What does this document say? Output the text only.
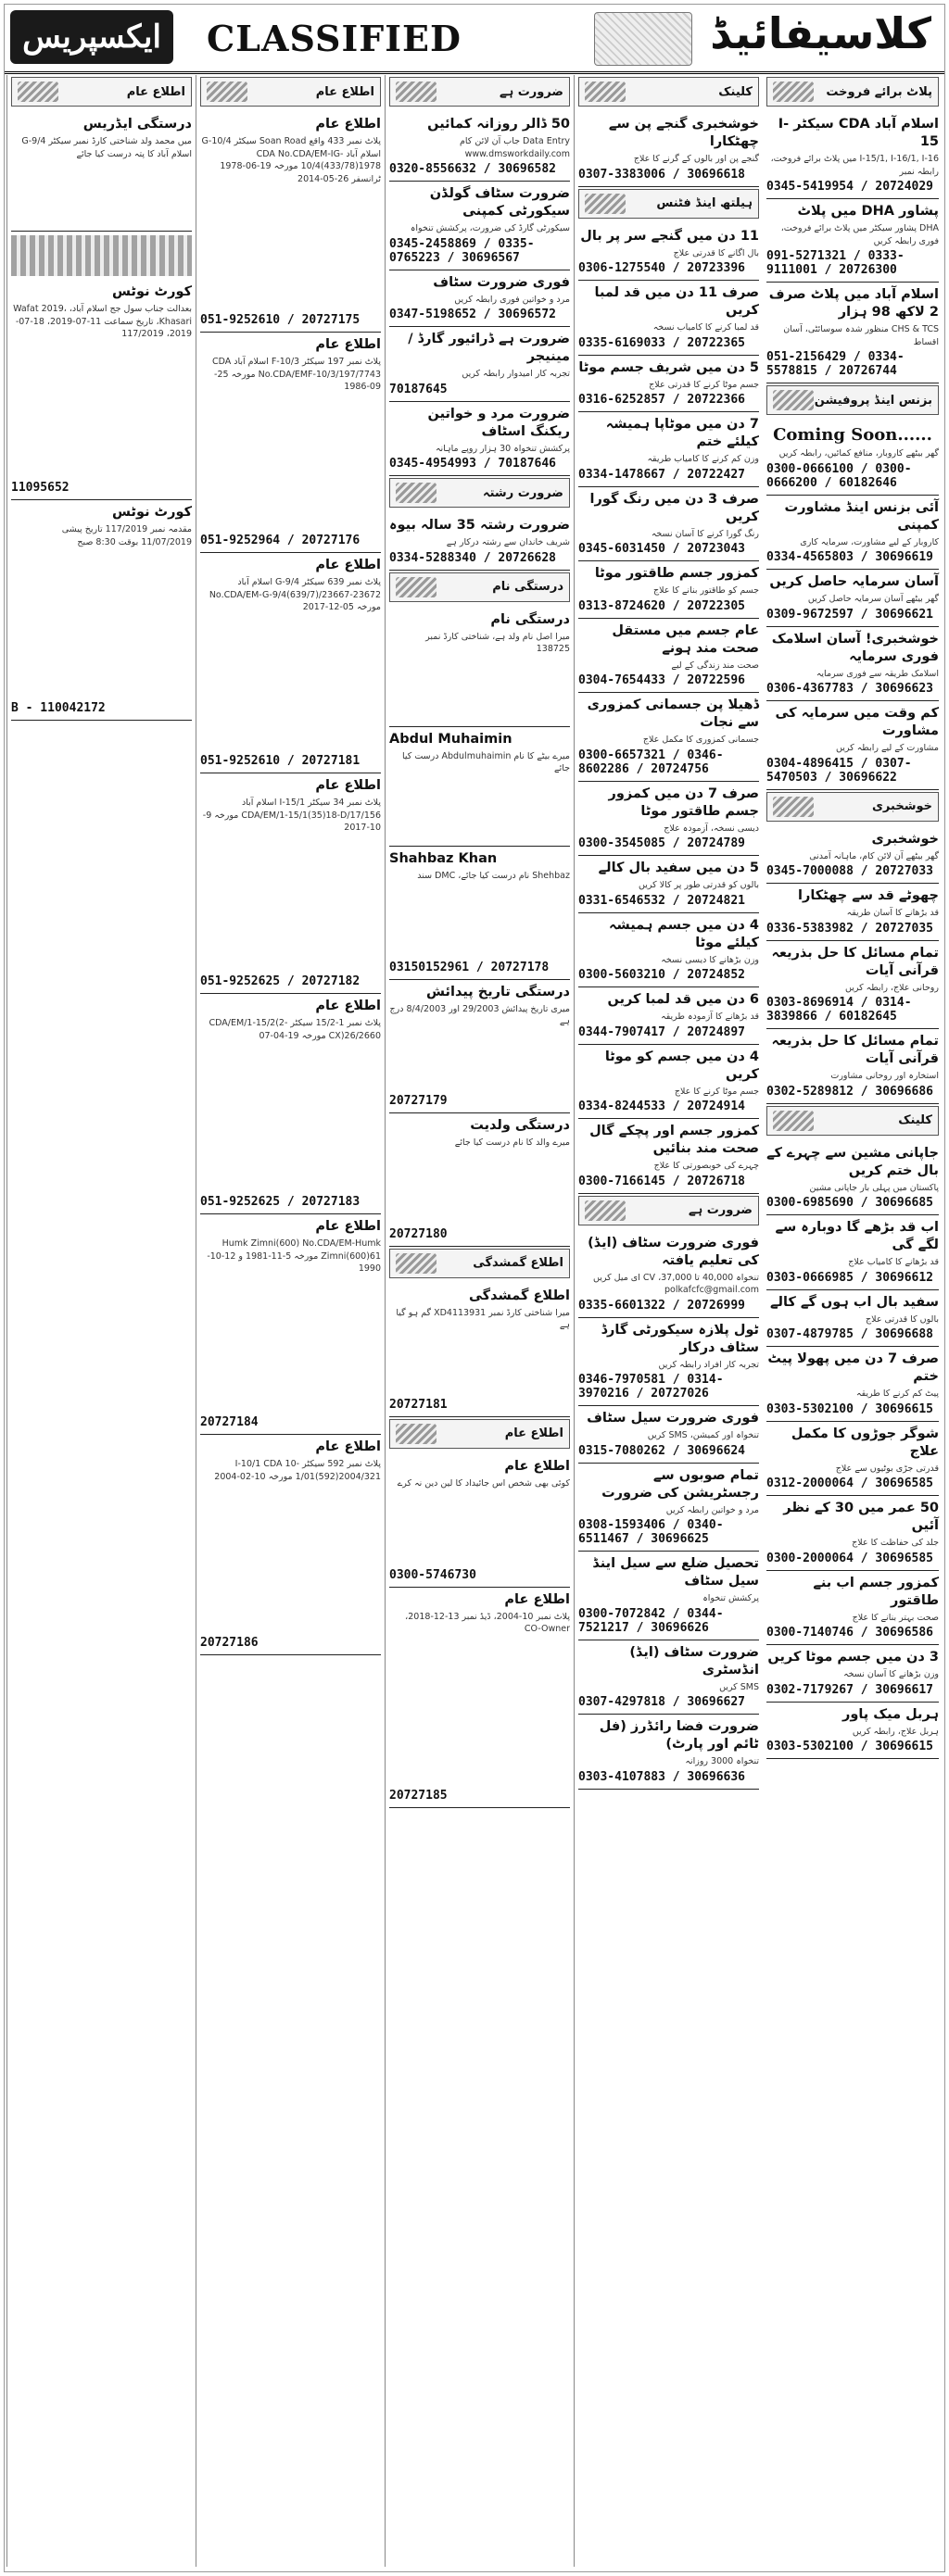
ایکسپریس	CLASSIFIED	کلاسیفائیڈ
پلاٹ برائے فروخت
اسلام آباد CDA سیکٹر I-15
I-15/1, I-16/1, I-16 میں پلاٹ برائے فروخت، رابطہ نمبر
0345-5419954 / 20724029
پشاور DHA میں پلاٹ
DHA پشاور سیکٹر میں پلاٹ برائے فروخت، فوری رابطہ کریں
091-5271321 / 0333-9111001 / 20726300
اسلام آباد میں پلاٹ صرف 2 لاکھ 98 ہزار
CHS & TCS منظور شدہ سوسائٹی، آسان اقساط
051-2156429 / 0334-5578815 / 20726744
بزنس اینڈ پروفیشن
Coming Soon......
گھر بیٹھے کاروبار، منافع کمائیں، رابطہ کریں
0300-0666100 / 0300-0666200 / 60182646
آئی بزنس اینڈ مشاورت کمپنی
کاروبار کے لیے مشاورت، سرمایہ کاری
0334-4565803 / 30696619
آسان سرمایہ حاصل کریں
گھر بیٹھے آسان سرمایہ حاصل کریں
0309-9672597 / 30696621
خوشخبری! آسان اسلامک فوری سرمایہ
اسلامک طریقہ سے فوری سرمایہ
0306-4367783 / 30696623
کم وقت میں سرمایہ کی مشاورت
مشاورت کے لیے رابطہ کریں
0304-4896415 / 0307-5470503 / 30696622
خوشخبری
خوشخبری
گھر بیٹھے آن لائن کام، ماہانہ آمدنی
0345-7000088 / 20727033
چھوٹے قد سے چھٹکارا
قد بڑھانے کا آسان طریقہ
0336-5383982 / 20727035
تمام مسائل کا حل بذریعہ قرآنی آیات
روحانی علاج، رابطہ کریں
0303-8696914 / 0314-3839866 / 60182645
تمام مسائل کا حل بذریعہ قرآنی آیات
استخارہ اور روحانی مشاورت
0302-5289812 / 30696686
کلینک
جاپانی مشین سے چہرے کے بال ختم کریں
پاکستان میں پہلی بار جاپانی مشین
0300-6985690 / 30696685
اب قد بڑھے گا دوبارہ سے لگے گی
قد بڑھانے کا کامیاب علاج
0303-0666985 / 30696612
سفید بال اب ہوں گے کالے
بالوں کا قدرتی علاج
0307-4879785 / 30696688
صرف 7 دن میں پھولا پیٹ ختم
پیٹ کم کرنے کا طریقہ
0303-5302100 / 30696615
شوگر جوڑوں کا مکمل علاج
قدرتی جڑی بوٹیوں سے علاج
0312-2000064 / 30696585
50 عمر میں 30 کے نظر آئیں
جلد کی حفاظت کا علاج
0300-2000064 / 30696585
کمزور جسم اب بنے طاقتور
صحت بہتر بنانے کا علاج
0300-7140746 / 30696586
3 دن میں جسم موٹا کریں
وزن بڑھانے کا آسان نسخہ
0302-7179267 / 30696617
ہربل میک پاور
ہربل علاج، رابطہ کریں
0303-5302100 / 30696615
کلینک
خوشخبری گنجے پن سے چھٹکارا
گنجے پن اور بالوں کے گرنے کا علاج
0307-3383006 / 30696618
ہیلتھ اینڈ فٹنس
11 دن میں گنجے سر پر بال
بال اگانے کا قدرتی علاج
0306-1275540 / 20723396
صرف 11 دن میں قد لمبا کریں
قد لمبا کرنے کا کامیاب نسخہ
0335-6169033 / 20722365
5 دن میں شریف جسم موٹا
جسم موٹا کرنے کا قدرتی علاج
0316-6252857 / 20722366
7 دن میں موٹاپا ہمیشہ کیلئے ختم
وزن کم کرنے کا کامیاب طریقہ
0334-1478667 / 20722427
صرف 3 دن میں رنگ گورا کریں
رنگ گورا کرنے کا آسان نسخہ
0345-6031450 / 20723043
کمزور جسم طاقتور موٹا
جسم کو طاقتور بنانے کا علاج
0313-8724620 / 20722305
عام جسم میں مستقل صحت مند ہونے
صحت مند زندگی کے لیے
0304-7654433 / 20722596
ڈھیلا پن جسمانی کمزوری سے نجات
جسمانی کمزوری کا مکمل علاج
0300-6657321 / 0346-8602286 / 20724756
صرف 7 دن میں کمزور جسم طاقتور موٹا
دیسی نسخہ، آزمودہ علاج
0300-3545085 / 20724789
5 دن میں سفید بال کالے
بالوں کو قدرتی طور پر کالا کریں
0331-6546532 / 20724821
4 دن میں جسم ہمیشہ کیلئے موٹا
وزن بڑھانے کا دیسی نسخہ
0300-5603210 / 20724852
6 دن میں قد لمبا کریں
قد بڑھانے کا آزمودہ طریقہ
0344-7907417 / 20724897
4 دن میں جسم کو موٹا کریں
جسم موٹا کرنے کا علاج
0334-8244533 / 20724914
کمزور جسم اور پچکے گال صحت مند بنائیں
چہرے کی خوبصورتی کا علاج
0300-7166145 / 20726718
ضرورت ہے
فوری ضرورت سٹاف (ایڈ) کی تعلیم یافتہ
تنخواہ 40,000 تا 37,000، CV ای میل کریں polkafcfc@gmail.com
0335-6601322 / 20726999
ٹول پلازہ سیکورٹی گارڈ سٹاف درکار
تجربہ کار افراد رابطہ کریں
0346-7970581 / 0314-3970216 / 20727026
فوری ضرورت سیل سٹاف
تنخواہ اور کمیشن، SMS کریں
0315-7080262 / 30696624
تمام صوبوں سے رجسٹریشن کی ضرورت
مرد و خواتین رابطہ کریں
0308-1593406 / 0340-6511467 / 30696625
تحصیل ضلع سے سیل اینڈ سیل سٹاف
پرکشش تنخواہ
0300-7072842 / 0344-7521217 / 30696626
ضرورت سٹاف (ایڈ) انڈسٹری
SMS کریں
0307-4297818 / 30696627
ضرورت فضا رائڈرز (فل ٹائم اور پارٹ)
تنخواہ 3000 روزانہ
0303-4107883 / 30696636
ضرورت ہے
50 ڈالر روزانہ کمائیں
Data Entry جاب آن لائن کام www.dmsworkdaily.com
0320-8556632 / 30696582
ضرورت سٹاف گولڈن سیکورٹی کمپنی
سیکورٹی گارڈ کی ضرورت، پرکشش تنخواہ
0345-2458869 / 0335-0765223 / 30696567
فوری ضرورت سٹاف
مرد و خواتین فوری رابطہ کریں
0347-5198652 / 30696572
ضرورت ہے ڈرائیور گارڈ / مینیجر
تجربہ کار امیدوار رابطہ کریں
70187645
ضرورت مرد و خواتین ریکنگ اسٹاف
پرکشش تنخواہ 30 ہزار روپے ماہانہ
0345-4954993 / 70187646
ضرورت رشتہ
ضرورت رشتہ 35 سالہ بیوہ
شریف خاندان سے رشتہ درکار ہے
0334-5288340 / 20726628
درستگی نام
درستگی نام
میرا اصل نام ولد ہے، شناختی کارڈ نمبر 138725
Abdul Muhaimin
میرے بیٹے کا نام Abdulmuhaimin درست کیا جائے
Shahbaz Khan
Shehbaz نام درست کیا جائے، DMC سند
03150152961 / 20727178
درستگی تاریخ پیدائش
میری تاریخ پیدائش 29/2003 اور 8/4/2003 درج ہے
20727179
درستگی ولدیت
میرے والد کا نام درست کیا جائے
20727180
اطلاع گمشدگی
اطلاع گمشدگی
میرا شناختی کارڈ نمبر XD4113931 گم ہو گیا ہے
20727181
اطلاع عام
اطلاع عام
کوئی بھی شخص اس جائیداد کا لین دین نہ کرے
0300-5746730
اطلاع عام
پلاٹ نمبر 10-2004، ڈیڈ نمبر 13-12-2018، CO-Owner
20727185
اطلاع عام
اطلاع عام
پلاٹ نمبر 433 واقع Soan Road سیکٹر G-10/4 اسلام آباد CDA No.CDA/EM-IG-10/4(433/78)1978 مورخہ 19-06-1978 ٹرانسفر 26-05-2014
051-9252610 / 20727175
اطلاع عام
پلاٹ نمبر 197 سیکٹر F-10/3 اسلام آباد CDA No.CDA/EMF-10/3/197/7743 مورخہ 25-09-1986
051-9252964 / 20727176
اطلاع عام
پلاٹ نمبر 639 سیکٹر G-9/4 اسلام آباد No.CDA/EM-G-9/4(639/7)/23667-23672 مورخہ 05-12-2017
051-9252610 / 20727181
اطلاع عام
پلاٹ نمبر 34 سیکٹر I-15/1 اسلام آباد CDA/EM/1-15/1(35)18-D/17/156 مورخہ 9-10-2017
051-9252625 / 20727182
اطلاع عام
پلاٹ نمبر 1-15/2 سیکٹر CDA/EM/1-15/2(2-CX)26/2660 مورخہ 19-04-07
051-9252625 / 20727183
اطلاع عام
Humk Zimni(600) No.CDA/EM-Humk Zimni(600)61 مورخہ 5-11-1981 و 12-10-1990
20727184
اطلاع عام
پلاٹ نمبر 592 سیکٹر I-10/1 CDA 10-1/01(592)2004/321 مورخہ 10-02-2004
20727186
اطلاع عام
درستگی ایڈریس
میں محمد ولد شناختی کارڈ نمبر سیکٹر G-9/4 اسلام آباد کا پتہ درست کیا جائے
کورٹ نوٹس
بعدالت جناب سول جج اسلام آباد، Wafat 2019، Khasari، تاریخ سماعت 11-07-2019، 18-07-2019، 117/2019
11095652
کورٹ نوٹس
مقدمہ نمبر 117/2019 تاریخ پیشی 11/07/2019 بوقت 8:30 صبح
B - 110042172
